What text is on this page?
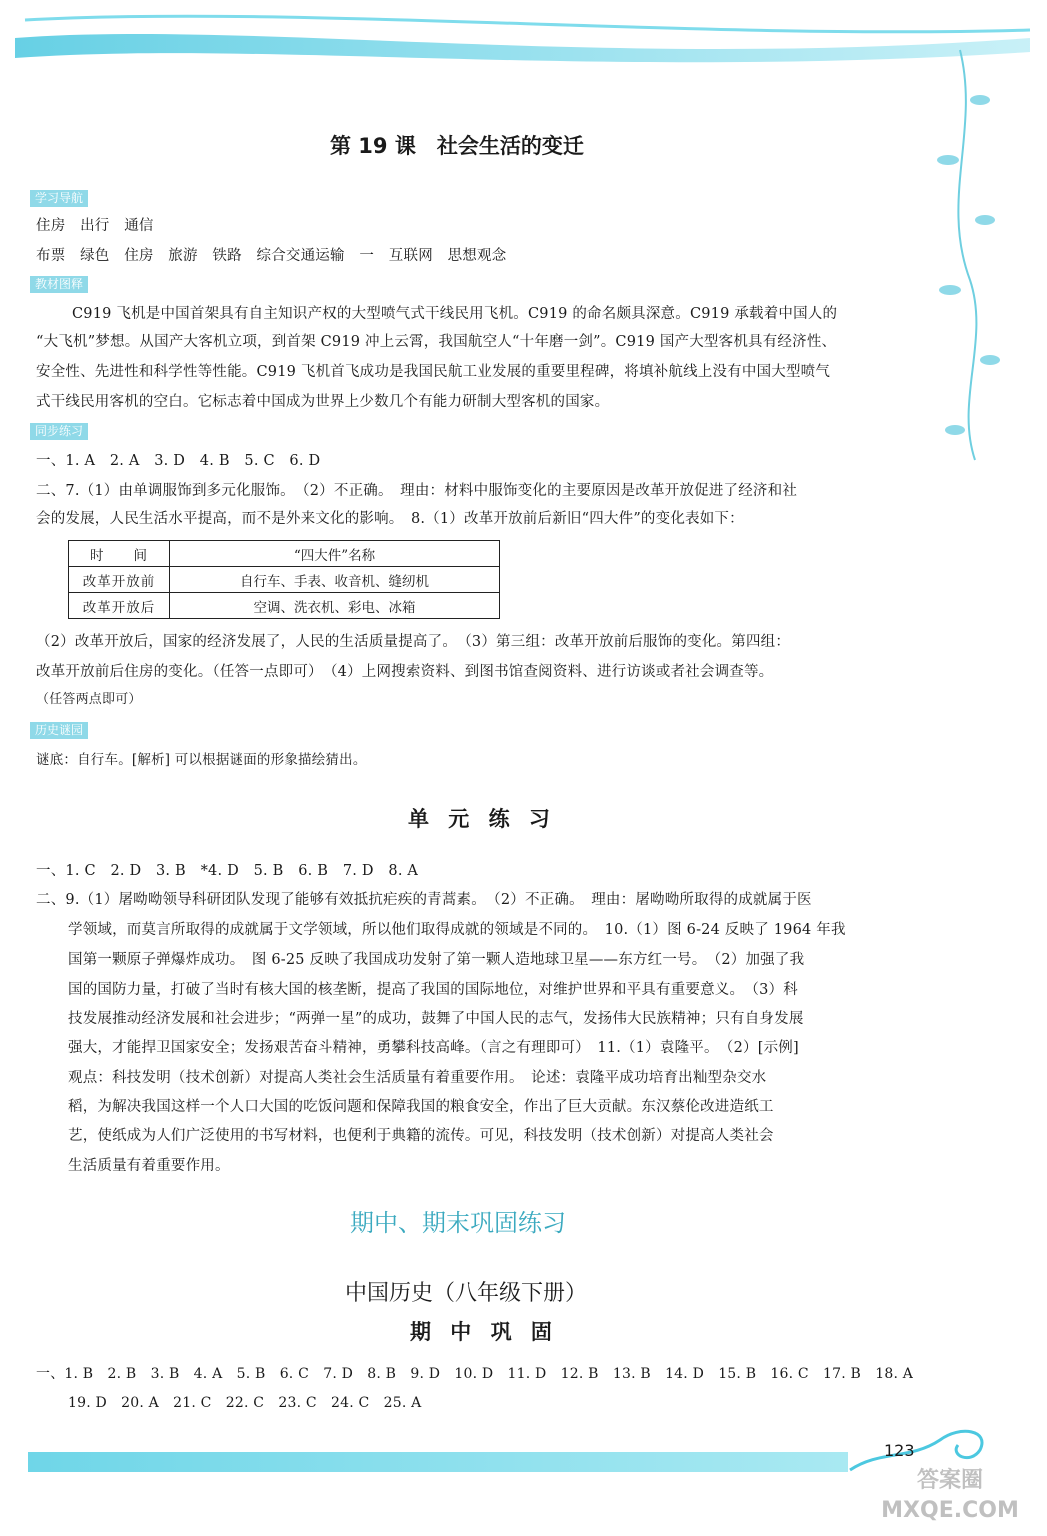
第 19 课　社会生活的变迁
学习导航
住房　出行　通信
布票　绿色　住房　旅游　铁路　综合交通运输　一　互联网　思想观念
教材图释
C919 飞机是中国首架具有自主知识产权的大型喷气式干线民用飞机。C919 的命名颇具深意。C919 承载着中国人的
“大飞机”梦想。从国产大客机立项，到首架 C919 冲上云霄，我国航空人“十年磨一剑”。C919 国产大型客机具有经济性、
安全性、先进性和科学性等性能。C919 飞机首飞成功是我国民航工业发展的重要里程碑，将填补航线上没有中国大型喷气
式干线民用客机的空白。它标志着中国成为世界上少数几个有能力研制大型客机的国家。
同步练习
一、1. A　2. A　3. D　4. B　5. C　6. D
二、7.（1）由单调服饰到多元化服饰。　（2）不正确。　理由：材料中服饰变化的主要原因是改革开放促进了经济和社
会的发展，人民生活水平提高，而不是外来文化的影响。　8.（1）改革开放前后新旧“四大件”的变化表如下：
时　　间	“四大件”名称
改革开放前	自行车、手表、收音机、缝纫机
改革开放后	空调、洗衣机、彩电、冰箱
（2）改革开放后，国家的经济发展了，人民的生活质量提高了。　（3）第三组：改革开放前后服饰的变化。第四组：
改革开放前后住房的变化。（任答一点即可）　（4）上网搜索资料、到图书馆查阅资料、进行访谈或者社会调查等。
（任答两点即可）
历史谜园
谜底：自行车。[解析] 可以根据谜面的形象描绘猜出。
单 元 练 习
一、1. C　2. D　3. B　*4. D　5. B　6. B　7. D　8. A
二、9.（1）屠呦呦领导科研团队发现了能够有效抵抗疟疾的青蒿素。　（2）不正确。　理由：屠呦呦所取得的成就属于医
学领域，而莫言所取得的成就属于文学领域，所以他们取得成就的领域是不同的。　10.（1）图 6-24 反映了 1964 年我
国第一颗原子弹爆炸成功。　图 6-25 反映了我国成功发射了第一颗人造地球卫星——东方红一号。　（2）加强了我
国的国防力量，打破了当时有核大国的核垄断，提高了我国的国际地位，对维护世界和平具有重要意义。　（3）科
技发展推动经济发展和社会进步；“两弹一星”的成功，鼓舞了中国人民的志气，发扬伟大民族精神；只有自身发展
强大，才能捍卫国家安全；发扬艰苦奋斗精神，勇攀科技高峰。（言之有理即可）　11.（1）袁隆平。　（2）[示例]
观点：科技发明（技术创新）对提高人类社会生活质量有着重要作用。　论述：袁隆平成功培育出籼型杂交水
稻，为解决我国这样一个人口大国的吃饭问题和保障我国的粮食安全，作出了巨大贡献。东汉蔡伦改进造纸工
艺，使纸成为人们广泛使用的书写材料，也便利于典籍的流传。可见，科技发明（技术创新）对提高人类社会
生活质量有着重要作用。
期中、期末巩固练习
中国历史（八年级下册）
期 中 巩 固
一、1. B　2. B　3. B　4. A　5. B　6. C　7. D　8. B　9. D　10. D　11. D　12. B　13. B　14. D　15. B　16. C　17. B　18. A
19. D　20. A　21. C　22. C　23. C　24. C　25. A
123
答案圈 MXQE.COM
